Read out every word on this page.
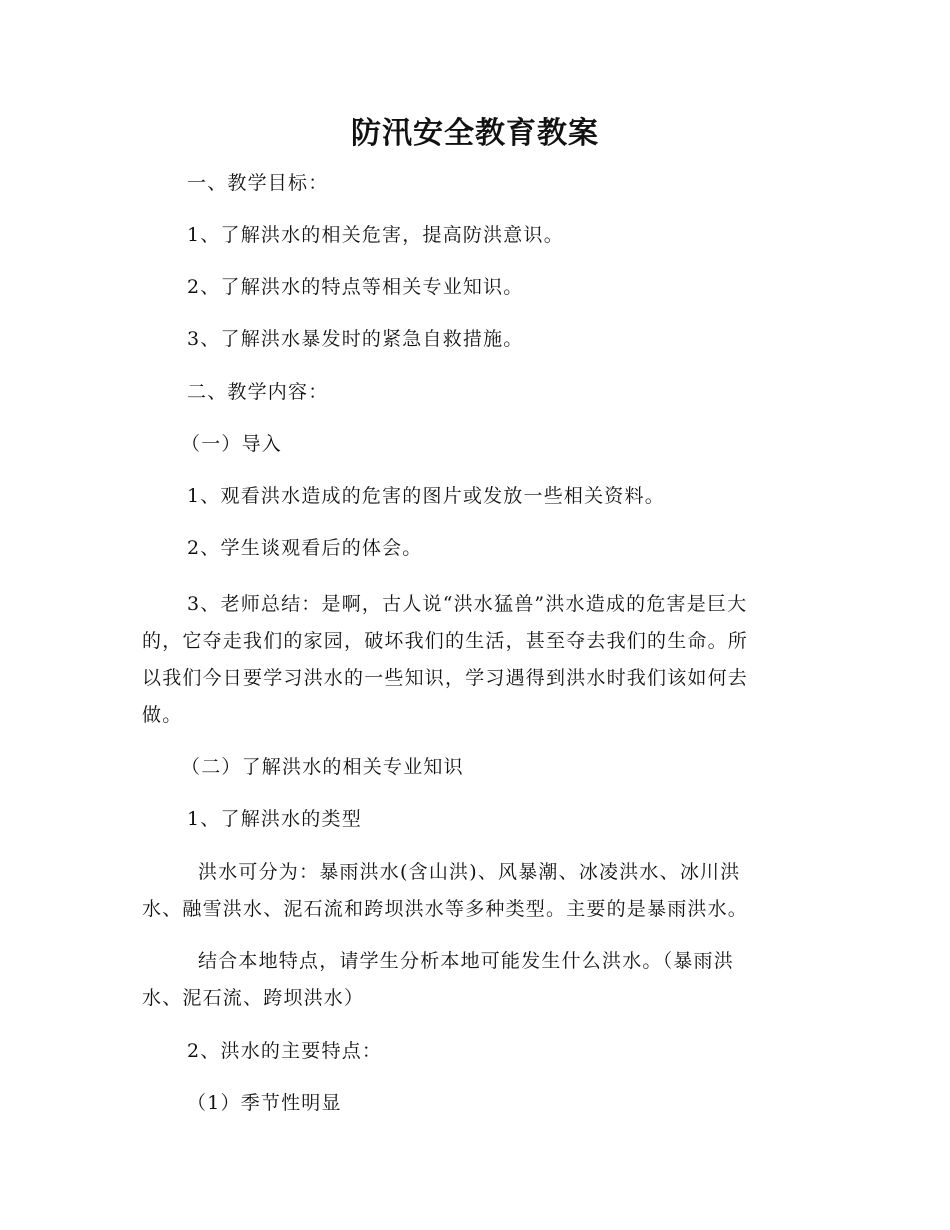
防汛安全教育教案
一、教学目标：
1、了解洪水的相关危害，提高防洪意识。
2、了解洪水的特点等相关专业知识。
3、了解洪水暴发时的紧急自救措施。
二、教学内容：
（一）导入
1、观看洪水造成的危害的图片或发放一些相关资料。
2、学生谈观看后的体会。
3、老师总结：是啊，古人说“洪水猛兽”洪水造成的危害是巨大
的，它夺走我们的家园，破坏我们的生活，甚至夺去我们的生命。所
以我们今日要学习洪水的一些知识，学习遇得到洪水时我们该如何去
做。
（二）了解洪水的相关专业知识
1、了解洪水的类型
洪水可分为：暴雨洪水(含山洪)、风暴潮、冰凌洪水、冰川洪
水、融雪洪水、泥石流和跨坝洪水等多种类型。主要的是暴雨洪水。
结合本地特点，请学生分析本地可能发生什么洪水。（暴雨洪
水、泥石流、跨坝洪水）
2、洪水的主要特点：
（1）季节性明显
